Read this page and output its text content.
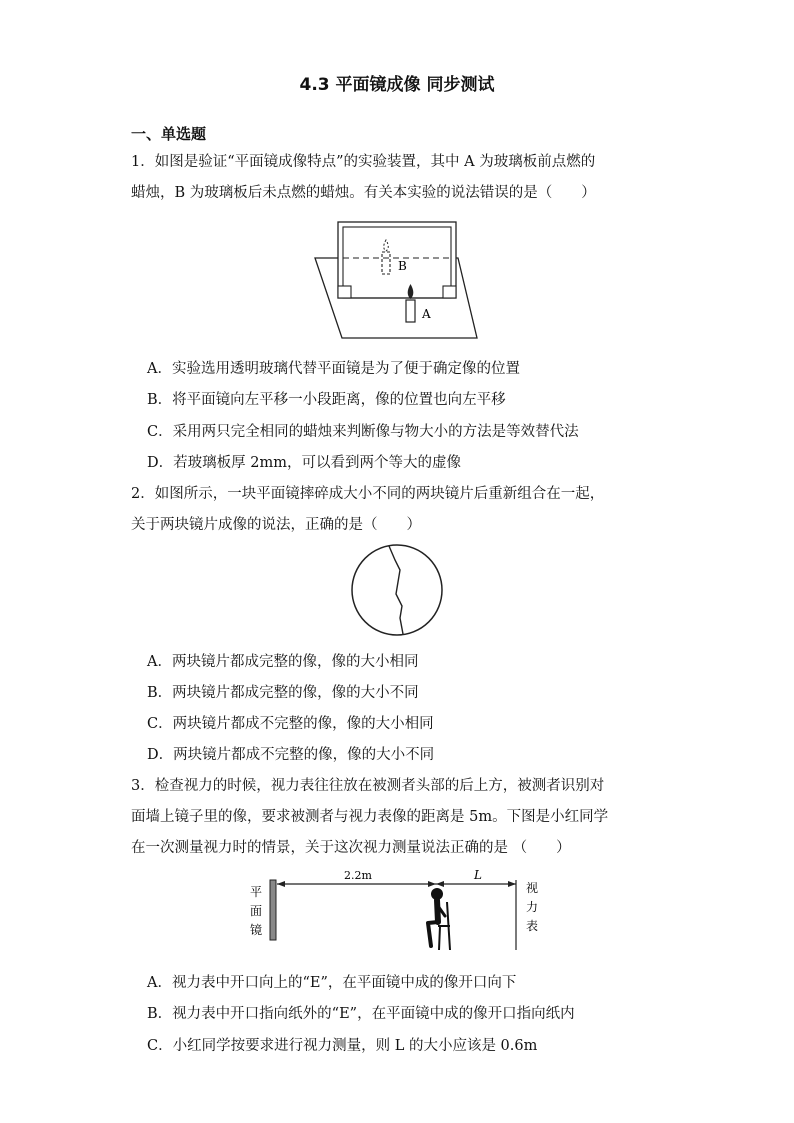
4.3 平面镜成像 同步测试
一、单选题
1．如图是验证“平面镜成像特点”的实验装置，其中 A 为玻璃板前点燃的
蜡烛，B 为玻璃板后未点燃的蜡烛。有关本实验的说法错误的是（　　）
B
A
A．实验选用透明玻璃代替平面镜是为了便于确定像的位置
B．将平面镜向左平移一小段距离，像的位置也向左平移
C．采用两只完全相同的蜡烛来判断像与物大小的方法是等效替代法
D．若玻璃板厚 2mm，可以看到两个等大的虚像
2．如图所示，一块平面镜摔碎成大小不同的两块镜片后重新组合在一起，
关于两块镜片成像的说法，正确的是（　　）
A．两块镜片都成完整的像，像的大小相同
B．两块镜片都成完整的像，像的大小不同
C．两块镜片都成不完整的像，像的大小相同
D．两块镜片都成不完整的像，像的大小不同
3．检查视力的时候，视力表往往放在被测者头部的后上方，被测者识别对
面墙上镜子里的像，要求被测者与视力表像的距离是 5m。下图是小红同学
在一次测量视力时的情景，关于这次视力测量说法正确的是 （　　）
平
面
镜
2.2m	L
视
力
表
A．视力表中开口向上的“E”，在平面镜中成的像开口向下
B．视力表中开口指向纸外的“E”，在平面镜中成的像开口指向纸内
C．小红同学按要求进行视力测量，则 L 的大小应该是 0.6m
